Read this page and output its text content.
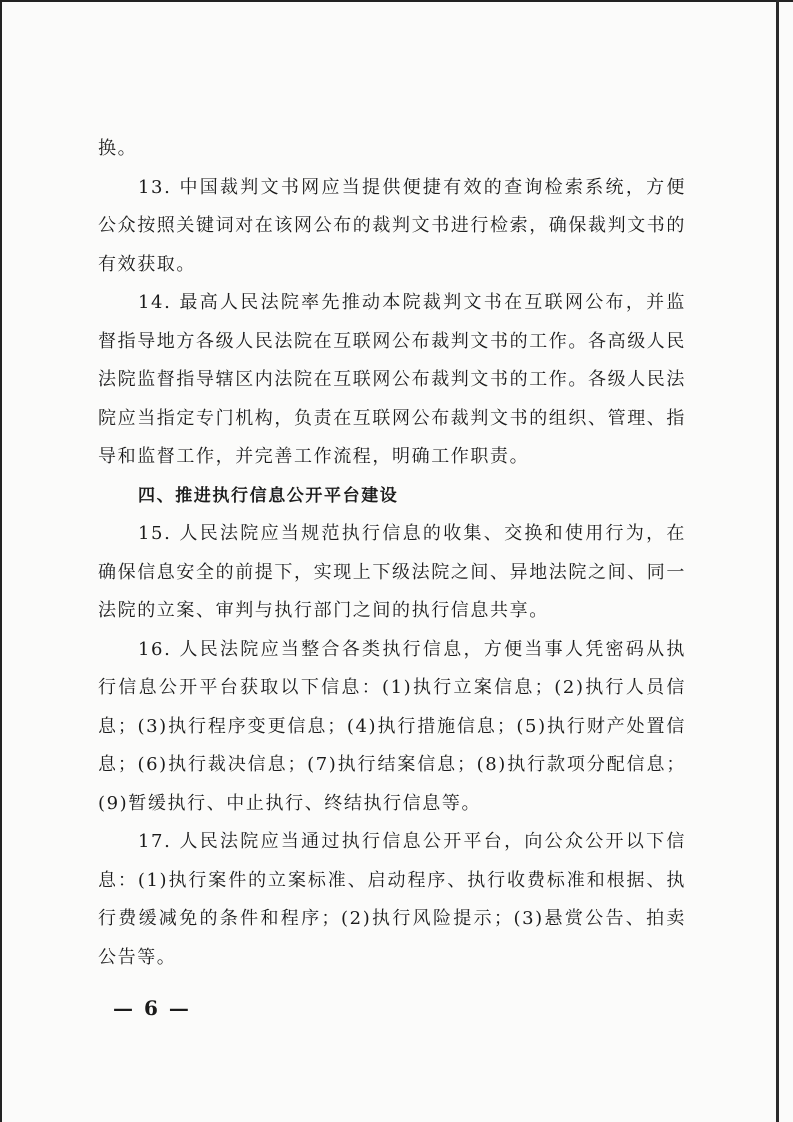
换。

13. 中国裁判文书网应当提供便捷有效的查询检索系统，方便公众按照关键词对在该网公布的裁判文书进行检索，确保裁判文书的有效获取。

14. 最高人民法院率先推动本院裁判文书在互联网公布，并监督指导地方各级人民法院在互联网公布裁判文书的工作。各高级人民法院监督指导辖区内法院在互联网公布裁判文书的工作。各级人民法院应当指定专门机构，负责在互联网公布裁判文书的组织、管理、指导和监督工作，并完善工作流程，明确工作职责。

四、推进执行信息公开平台建设

15. 人民法院应当规范执行信息的收集、交换和使用行为，在确保信息安全的前提下，实现上下级法院之间、异地法院之间、同一法院的立案、审判与执行部门之间的执行信息共享。

16. 人民法院应当整合各类执行信息，方便当事人凭密码从执行信息公开平台获取以下信息：(1)执行立案信息；(2)执行人员信息；(3)执行程序变更信息；(4)执行措施信息；(5)执行财产处置信息；(6)执行裁决信息；(7)执行结案信息；(8)执行款项分配信息；(9)暂缓执行、中止执行、终结执行信息等。

17. 人民法院应当通过执行信息公开平台，向公众公开以下信息：(1)执行案件的立案标准、启动程序、执行收费标准和根据、执行费缓减免的条件和程序；(2)执行风险提示；(3)悬赏公告、拍卖公告等。

— 6 —
